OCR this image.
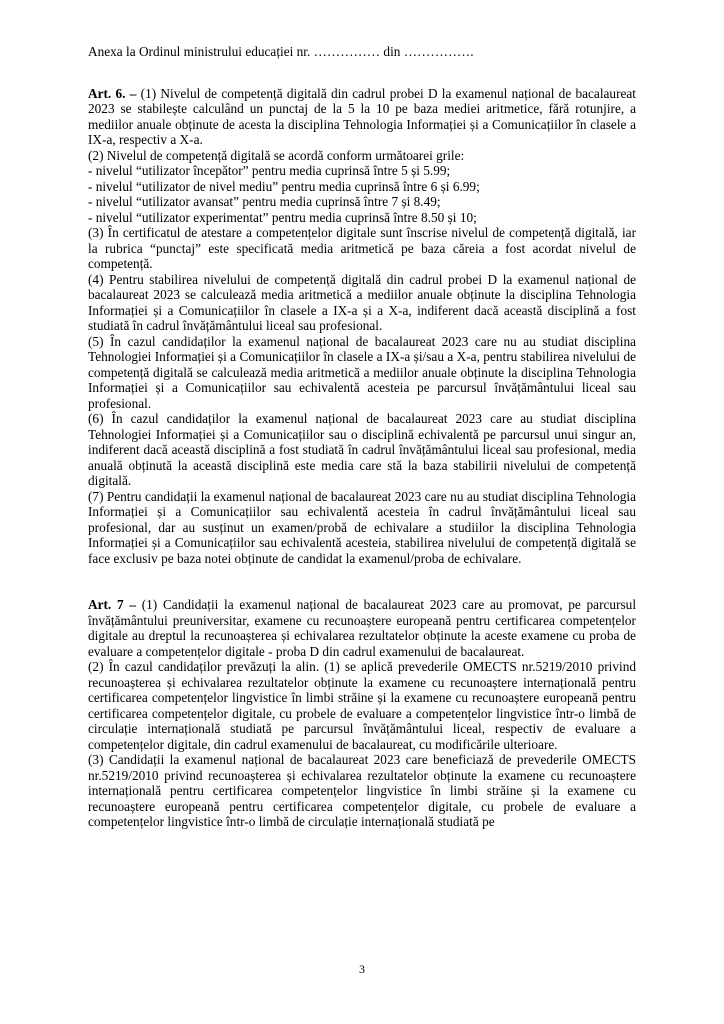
Anexa la Ordinul ministrului educației nr. …………… din …………….

Art. 6. – (1) Nivelul de competență digitală din cadrul probei D la examenul național de bacalaureat 2023 se stabilește calculând un punctaj de la 5 la 10 pe baza mediei aritmetice, fără rotunjire, a mediilor anuale obținute de acesta la disciplina Tehnologia Informației și a Comunicațiilor în clasele a IX-a, respectiv a X-a.

(2) Nivelul de competență digitală se acordă conform următoarei grile:

- nivelul “utilizator începător” pentru media cuprinsă între 5 și 5.99;

- nivelul “utilizator de nivel mediu” pentru media cuprinsă între 6 și 6.99;

- nivelul “utilizator avansat” pentru media cuprinsă între 7 și 8.49;

- nivelul “utilizator experimentat” pentru media cuprinsă între 8.50 și 10;

(3) În certificatul de atestare a competențelor digitale sunt înscrise nivelul de competență digitală, iar la rubrica “punctaj” este specificată media aritmetică pe baza căreia a fost acordat nivelul de competență.

(4) Pentru stabilirea nivelului de competență digitală din cadrul probei D la examenul național de bacalaureat 2023 se calculează media aritmetică a mediilor anuale obținute la disciplina Tehnologia Informației și a Comunicațiilor în clasele a IX-a și a X-a, indiferent dacă această disciplină a fost studiată în cadrul învățământului liceal sau profesional.

(5) În cazul candidaților la examenul național de bacalaureat 2023 care nu au studiat disciplina Tehnologiei Informației și a Comunicațiilor în clasele a IX-a și/sau a X-a, pentru stabilirea nivelului de competență digitală se calculează media aritmetică a mediilor anuale obținute la disciplina Tehnologia Informației și a Comunicațiilor sau echivalentă acesteia pe parcursul învățământului liceal sau profesional.

(6) În cazul candidaților la examenul național de bacalaureat 2023 care au studiat disciplina Tehnologiei Informației și a Comunicațiilor sau o disciplină echivalentă pe parcursul unui singur an, indiferent dacă această disciplină a fost studiată în cadrul învățământului liceal sau profesional, media anuală obținută la această disciplină este media care stă la baza stabilirii nivelului de competență digitală.

(7) Pentru candidații la examenul național de bacalaureat 2023 care nu au studiat disciplina Tehnologia Informației și a Comunicațiilor sau echivalentă acesteia în cadrul învățământului liceal sau profesional, dar au susținut un examen/probă de echivalare a studiilor la disciplina Tehnologia Informației și a Comunicațiilor sau echivalentă acesteia, stabilirea nivelului de competență digitală se face exclusiv pe baza notei obținute de candidat la examenul/proba de echivalare.

Art. 7 – (1) Candidații la examenul național de bacalaureat 2023 care au promovat, pe parcursul învățământului preuniversitar, examene cu recunoaștere europeană pentru certificarea competențelor digitale au dreptul la recunoașterea și echivalarea rezultatelor obținute la aceste examene cu proba de evaluare a competențelor digitale - proba D din cadrul examenului de bacalaureat.

(2) În cazul candidaților prevăzuți la alin. (1) se aplică prevederile OMECTS nr.5219/2010 privind recunoașterea și echivalarea rezultatelor obținute la examene cu recunoaștere internațională pentru certificarea competențelor lingvistice în limbi străine și la examene cu recunoaștere europeană pentru certificarea competențelor digitale, cu probele de evaluare a competențelor lingvistice într-o limbă de circulație internațională studiată pe parcursul învățământului liceal, respectiv de evaluare a competențelor digitale, din cadrul examenului de bacalaureat, cu modificările ulterioare.

(3) Candidații la examenul național de bacalaureat 2023 care beneficiază de prevederile OMECTS nr.5219/2010 privind recunoașterea și echivalarea rezultatelor obținute la examene cu recunoaștere internațională pentru certificarea competențelor lingvistice în limbi străine și la examene cu recunoaștere europeană pentru certificarea competențelor digitale, cu probele de evaluare a competențelor lingvistice într-o limbă de circulație internațională studiată pe

3
